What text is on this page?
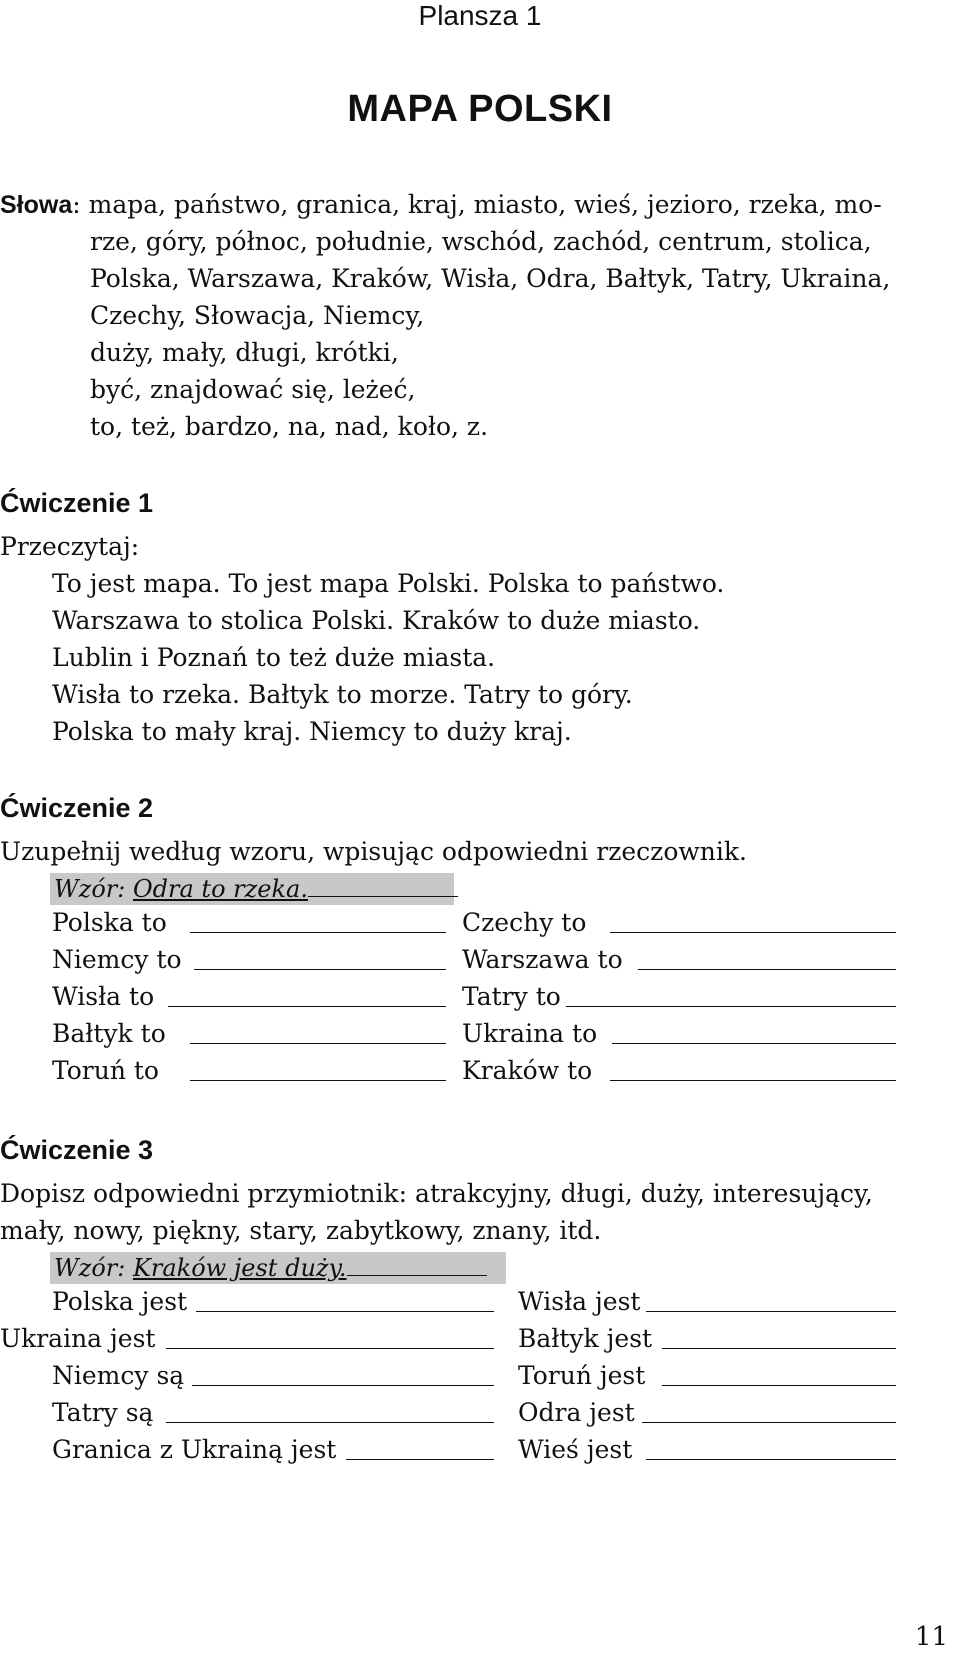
Plansza 1
MAPA POLSKI
Słowa: mapa, państwo, granica, kraj, miasto, wieś, jezioro, rzeka, mo-
rze, góry, północ, południe, wschód, zachód, centrum, stolica,
Polska, Warszawa, Kraków, Wisła, Odra, Bałtyk, Tatry, Ukraina,
Czechy, Słowacja, Niemcy,
duży, mały, długi, krótki,
być, znajdować się, leżeć,
to, też, bardzo, na, nad, koło, z.
Ćwiczenie 1
Przeczytaj:
To jest mapa. To jest mapa Polski. Polska to państwo.
Warszawa to stolica Polski. Kraków to duże miasto.
Lublin i Poznań to też duże miasta.
Wisła to rzeka. Bałtyk to morze. Tatry to góry.
Polska to mały kraj. Niemcy to duży kraj.
Ćwiczenie 2
Uzupełnij według wzoru, wpisując odpowiedni rzeczownik.
Wzór: Odra to rzeka.
Polska to	Czechy to
Niemcy to	Warszawa to
Wisła to	Tatry to
Bałtyk to	Ukraina to
Toruń to	Kraków to
Ćwiczenie 3
Dopisz odpowiedni przymiotnik: atrakcyjny, długi, duży, interesujący,
mały, nowy, piękny, stary, zabytkowy, znany, itd.
Wzór: Kraków jest duży.
Polska jest	Wisła jest
Ukraina jest	Bałtyk jest
Niemcy są	Toruń jest
Tatry są	Odra jest
Granica z Ukrainą jest	Wieś jest
11
